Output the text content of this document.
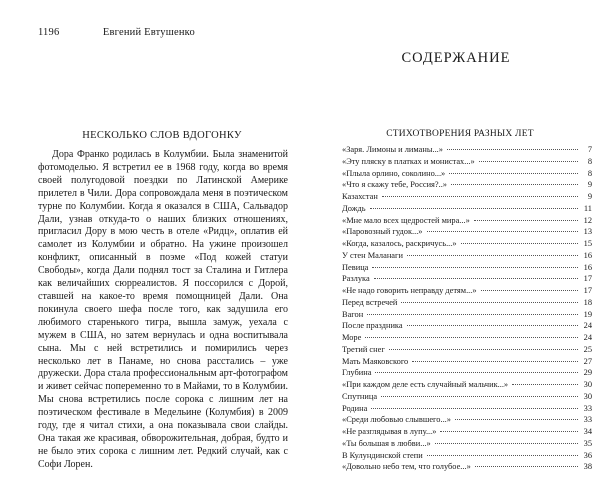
1196	Евгений Евтушенко
НЕСКОЛЬКО СЛОВ ВДОГОНКУ

Дора Франко родилась в Колумбии. Была знаменитой фотомоделью. Я встретил ее в 1968 году, когда во время своей полугодовой поездки по Латинской Америке прилетел в Чили. Дора сопровождала меня в поэтическом турне по Колумбии. Когда я оказался в США, Сальвадор Дали, узнав откуда-то о наших близких отношениях, пригласил Дору в мою честь в отеле «Ридц», оплатив ей самолет из Колумбии и обратно. На ужине произошел конфликт, описанный в поэме «Под кожей статуи Свободы», когда Дали поднял тост за Сталина и Гитлера как величайших сюрреалистов. Я поссорился с Дорой, ставшей на какое-то время помощницей Дали. Она покинула своего шефа после того, как задушила его любимого старенького тигра, вышла замуж, уехала с мужем в США, но затем вернулась и одна воспитывала сына. Мы с ней встретились и помирились через несколько лет в Панаме, но снова расстались – уже дружески. Дора стала профессиональным арт-фотографом и живет сейчас попеременно то в Майами, то в Колумбии. Мы снова встретились после сорока с лишним лет на поэтическом фестивале в Медельине (Колумбия) в 2009 году, где я читал стихи, а она показывала свои слайды. Она такая же красивая, обворожительная, добрая, будто и не было этих сорока с лишним лет. Редкий случай, как с Софи Лорен.

СОДЕРЖАНИЕ
СТИХОТВОРЕНИЯ РАЗНЫХ ЛЕТ
«Заря. Лимоны и лиманы...»	7
«Эту пляску в платках и монистах...»	8
«Плыла орлино, соколино...»	8
«Что я скажу тебе, Россия?..»	9
Казахстан	9
Дождь	11
«Мне мало всех щедростей мира...»	12
«Паровозный гудок...»	13
«Когда, казалось, раскричусь...»	15
У стен Маланаги	16
Певица	16
Разлука	17
«Не надо говорить неправду детям...»	17
Перед встречей	18
Вагон	19
После праздника	24
Море	24
Третий снег	25
Мать Маяковского	27
Глубина	29
«При каждом деле есть случайный мальчик...»	30
Спутница	30
Родина	33
«Среди любовью слывшего...»	33
«Не разглядывая в лупу...»	34
«Ты большая в любви...»	35
В Кулундинской степи	36
«Довольно небо тем, что голубое...»	38
